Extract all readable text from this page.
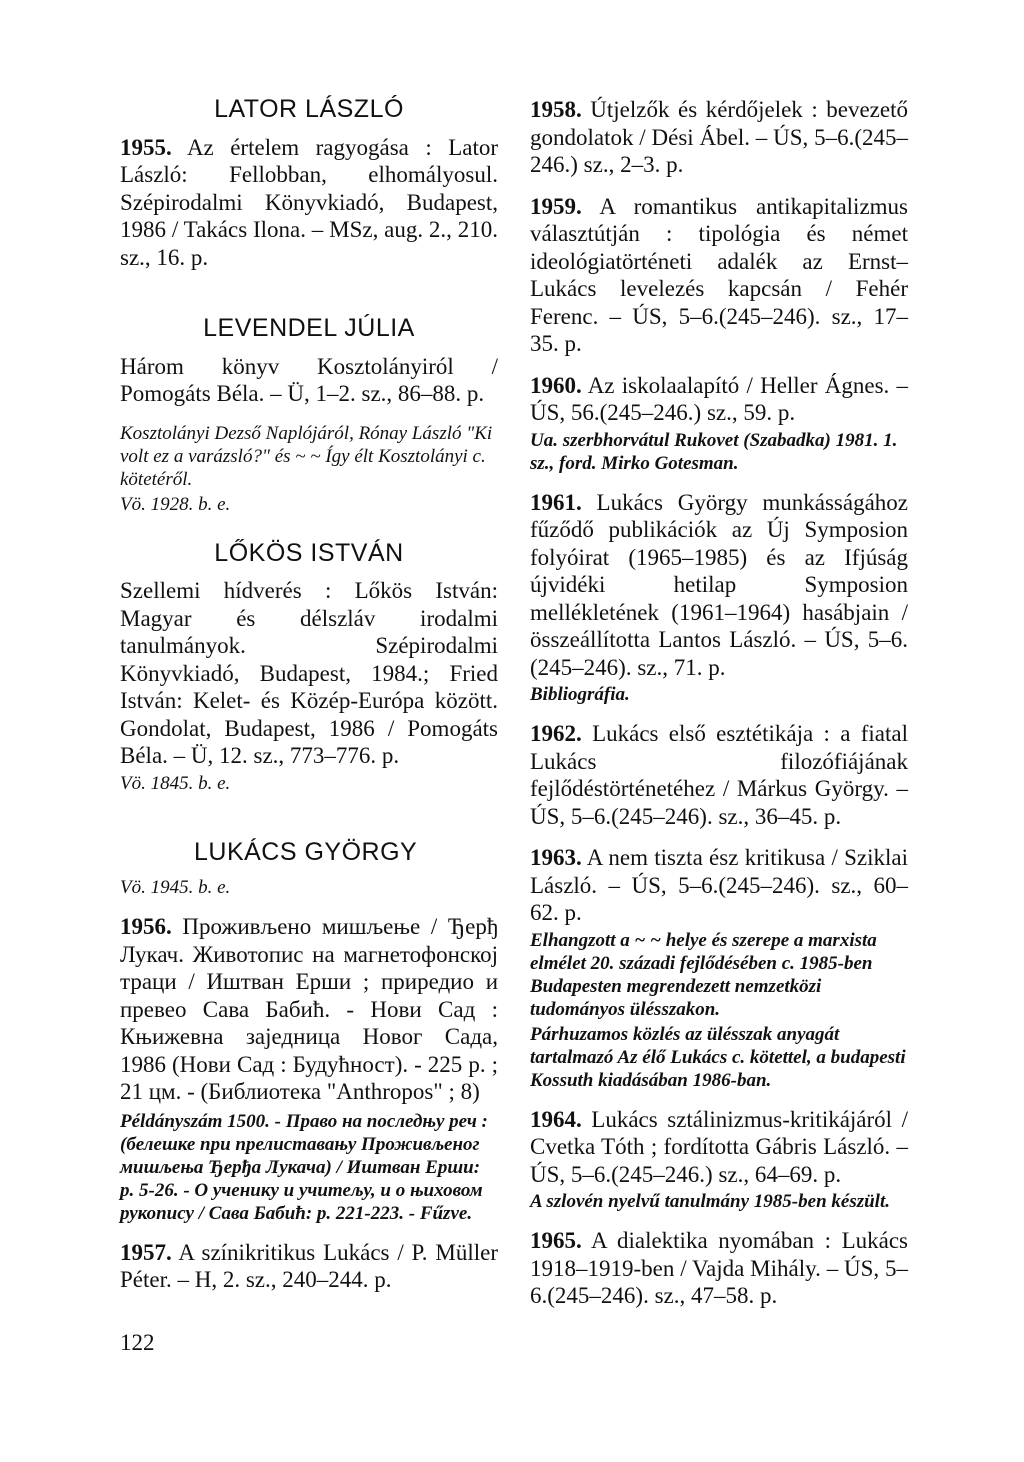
LATOR LÁSZLÓ
1955. Az értelem ragyogása : Lator László: Fellobban, elhomályosul. Szépirodalmi Könyvkiadó, Budapest, 1986 / Takács Ilona. – MSz, aug. 2., 210. sz., 16. p.
LEVENDEL JÚLIA
Három könyv Kosztolányiról / Pomogáts Béla. – Ü, 1–2. sz., 86–88. p.
Kosztolányi Dezső Naplójáról, Rónay László "Ki volt ez a varázsló?" és ~ ~ Így élt Kosztolányi c. kötetéről.
Vö. 1928. b. e.
LŐKÖS ISTVÁN
Szellemi hídverés : Lőkös István: Magyar és délszláv irodalmi tanulmányok. Szépirodalmi Könyvkiadó, Budapest, 1984.; Fried István: Kelet- és Közép-Európa között. Gondolat, Budapest, 1986 / Pomogáts Béla. – Ü, 12. sz., 773–776. p.
Vö. 1845. b. e.
LUKÁCS GYÖRGY
Vö. 1945. b. e.
1956. Проживљено мишљење / Ђерђ Лукач. Животопис на магнетофонској траци / Иштван Ерши ; приредио и превео Сава Бабић. - Нови Сад : Књижевна заједница Новог Сада, 1986 (Нови Сад : Будућност). - 225 p. ; 21 цм. - (Библиотека "Anthropos" ; 8)
Példányszám 1500. - Право на последњу реч : (белешке при прелиставању Проживљеног мишљења Ђерђа Лукача) / Иштван Ерши: p. 5-26. - О ученику и учитељу, и о њиховом рукопису / Сава Бабић: p. 221-223. - Fűzve.
1957. A színikritikus Lukács / P. Müller Péter. – H, 2. sz., 240–244. p.
1958. Útjelzők és kérdőjelek : bevezető gondolatok / Dési Ábel. – ÚS, 5–6.(245–246.) sz., 2–3. p.
1959. A romantikus antikapitalizmus választútján : tipológia és német ideológiatörténeti adalék az Ernst–Lukács levelezés kapcsán / Fehér Ferenc. – ÚS, 5–6.(245–246). sz., 17–35. p.
1960. Az iskolaalapító / Heller Ágnes. – ÚS, 56.(245–246.) sz., 59. p.
Ua. szerbhorvátul Rukovet (Szabadka) 1981. 1. sz., ford. Mirko Gotesman.
1961. Lukács György munkásságához fűződő publikációk az Új Symposion folyóirat (1965–1985) és az Ifjúság újvidéki hetilap Symposion mellékletének (1961–1964) hasábjain / összeállította Lantos László. – ÚS, 5–6.(245–246). sz., 71. p.
Bibliográfia.
1962. Lukács első esztétikája : a fiatal Lukács filozófiájának fejlődéstörténetéhez / Márkus György. – ÚS, 5–6.(245–246). sz., 36–45. p.
1963. A nem tiszta ész kritikusa / Sziklai László. – ÚS, 5–6.(245–246). sz., 60–62. p.
Elhangzott a ~ ~ helye és szerepe a marxista elmélet 20. századi fejlődésében c. 1985-ben Budapesten megrendezett nemzetközi tudományos ülésszakon.
Párhuzamos közlés az ülésszak anyagát tartalmazó Az élő Lukács c. kötettel, a budapesti Kossuth kiadásában 1986-ban.
1964. Lukács sztálinizmus-kritikájáról / Cvetka Tóth ; fordította Gábris László. – ÚS, 5–6.(245–246.) sz., 64–69. p.
A szlovén nyelvű tanulmány 1985-ben készült.
1965. A dialektika nyomában : Lukács 1918–1919-ben / Vajda Mihály. – ÚS, 5–6.(245–246). sz., 47–58. p.
122
